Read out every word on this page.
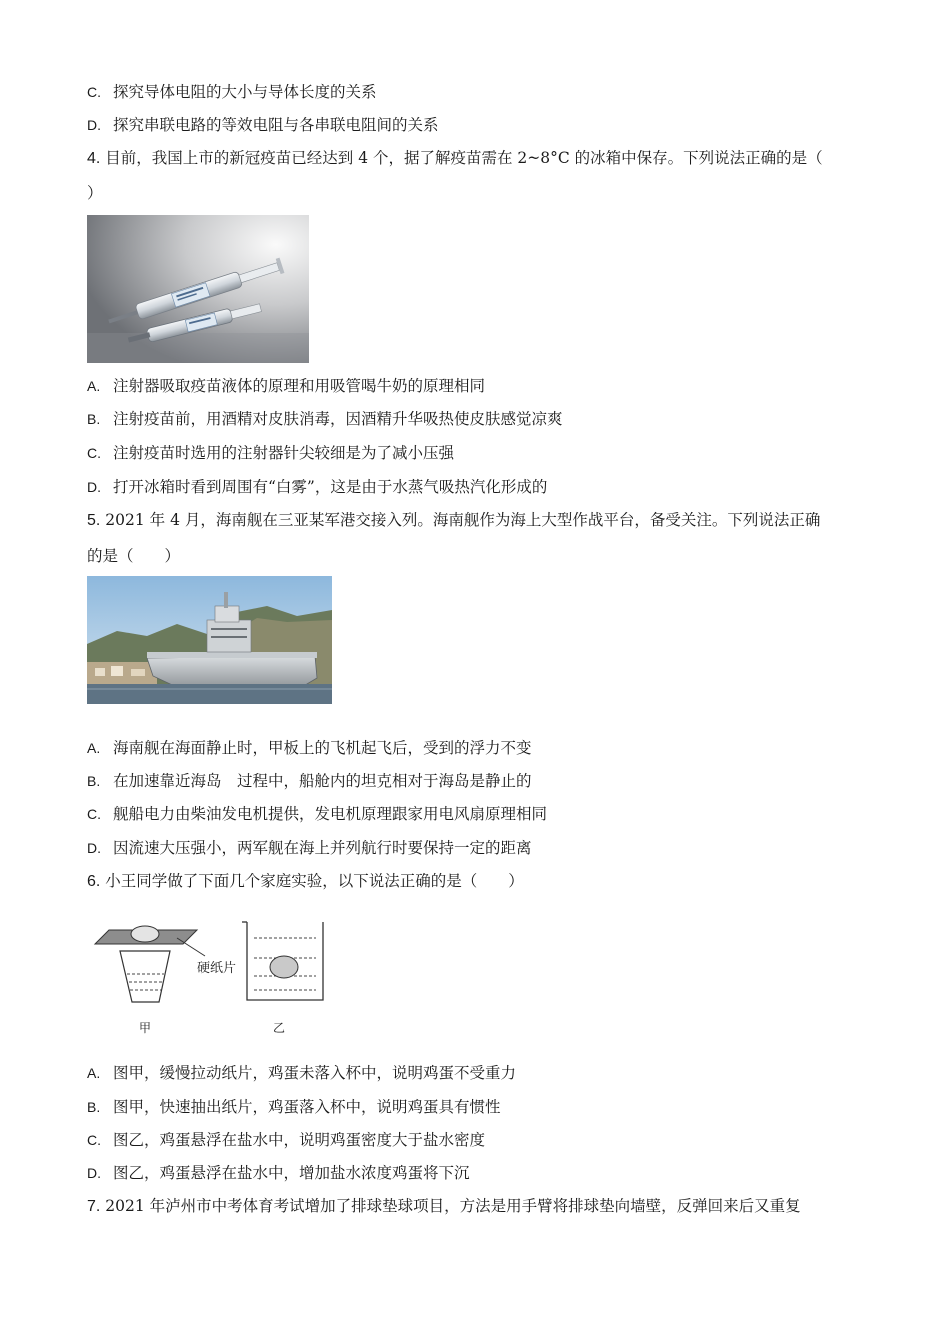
C. 探究导体电阻的大小与导体长度的关系
D. 探究串联电路的等效电阻与各串联电阻间的关系
4. 目前，我国上市的新冠疫苗已经达到 4 个，据了解疫苗需在 2~8°C 的冰箱中保存。下列说法正确的是（
）
A. 注射器吸取疫苗液体的原理和用吸管喝牛奶的原理相同
B. 注射疫苗前，用酒精对皮肤消毒，因酒精升华吸热使皮肤感觉凉爽
C. 注射疫苗时选用的注射器针尖较细是为了减小压强
D. 打开冰箱时看到周围有“白雾”，这是由于水蒸气吸热汽化形成的
5. 2021 年 4 月，海南舰在三亚某军港交接入列。海南舰作为海上大型作战平台，备受关注。下列说法正确
的是（　　）
A. 海南舰在海面静止时，甲板上的飞机起飞后，受到的浮力不变
B. 在加速靠近海岛　过程中，船舱内的坦克相对于海岛是静止的
C. 舰船电力由柴油发电机提供，发电机原理跟家用电风扇原理相同
D. 因流速大压强小，两军舰在海上并列航行时要保持一定的距离
6. 小王同学做了下面几个家庭实验，以下说法正确的是（　　）
硬纸片
甲	乙
A. 图甲，缓慢拉动纸片，鸡蛋未落入杯中，说明鸡蛋不受重力
B. 图甲，快速抽出纸片，鸡蛋落入杯中，说明鸡蛋具有惯性
C. 图乙，鸡蛋悬浮在盐水中，说明鸡蛋密度大于盐水密度
D. 图乙，鸡蛋悬浮在盐水中，增加盐水浓度鸡蛋将下沉
7. 2021 年泸州市中考体育考试增加了排球垫球项目，方法是用手臂将排球垫向墙壁，反弹回来后又重复
